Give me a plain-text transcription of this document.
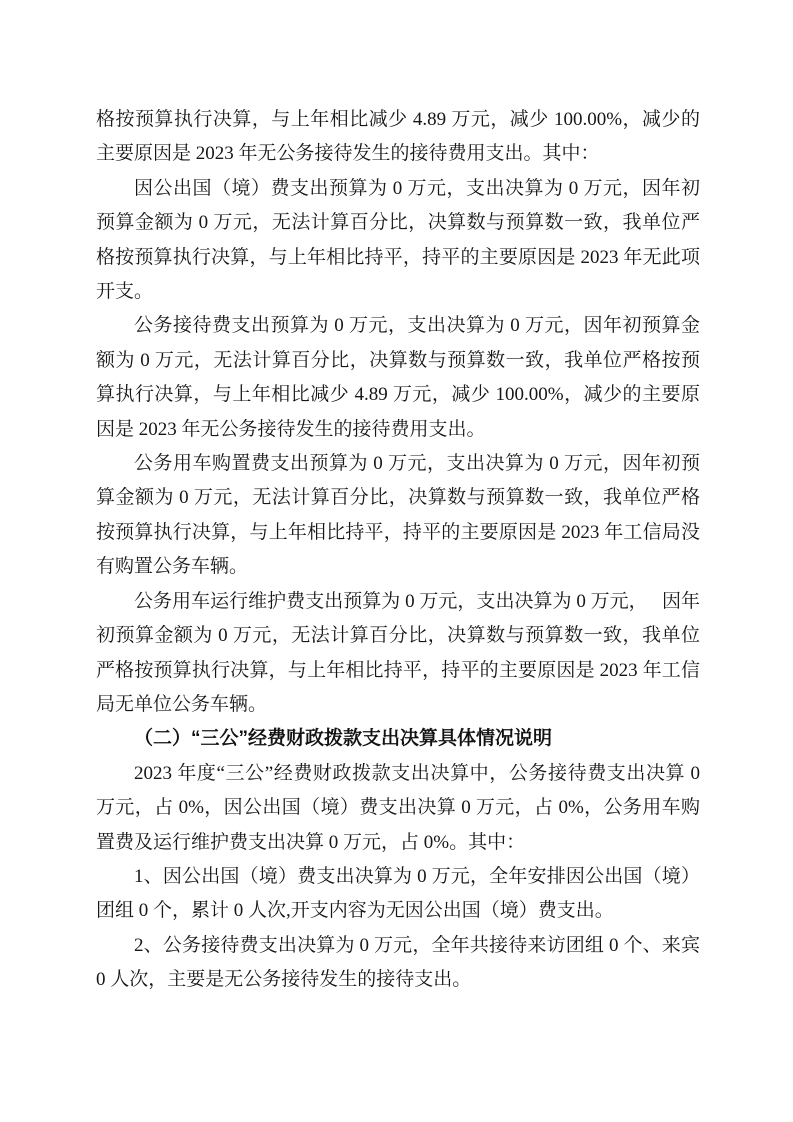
格按预算执行决算，与上年相比减少 4.89 万元，减少 100.00%，减少的主要原因是 2023 年无公务接待发生的接待费用支出。其中：

因公出国（境）费支出预算为 0 万元，支出决算为 0 万元，因年初预算金额为 0 万元，无法计算百分比，决算数与预算数一致，我单位严格按预算执行决算，与上年相比持平，持平的主要原因是 2023 年无此项开支。

公务接待费支出预算为 0 万元，支出决算为 0 万元，因年初预算金额为 0 万元，无法计算百分比，决算数与预算数一致，我单位严格按预算执行决算，与上年相比减少 4.89 万元，减少 100.00%，减少的主要原因是 2023 年无公务接待发生的接待费用支出。

公务用车购置费支出预算为 0 万元，支出决算为 0 万元，因年初预算金额为 0 万元，无法计算百分比，决算数与预算数一致，我单位严格按预算执行决算，与上年相比持平，持平的主要原因是 2023 年工信局没有购置公务车辆。

公务用车运行维护费支出预算为 0 万元，支出决算为 0 万元，　 因年初预算金额为 0 万元，无法计算百分比，决算数与预算数一致，我单位严格按预算执行决算，与上年相比持平，持平的主要原因是 2023 年工信局无单位公务车辆。

（二）“三公”经费财政拨款支出决算具体情况说明

2023 年度“三公”经费财政拨款支出决算中，公务接待费支出决算 0 万元，占 0%，因公出国（境）费支出决算 0 万元，占 0%，公务用车购置费及运行维护费支出决算 0 万元，占 0%。其中：

1、因公出国（境）费支出决算为 0 万元，全年安排因公出国（境）团组 0 个，累计 0 人次,开支内容为无因公出国（境）费支出。

2、公务接待费支出决算为 0 万元，全年共接待来访团组 0 个、来宾 0 人次，主要是无公务接待发生的接待支出。
